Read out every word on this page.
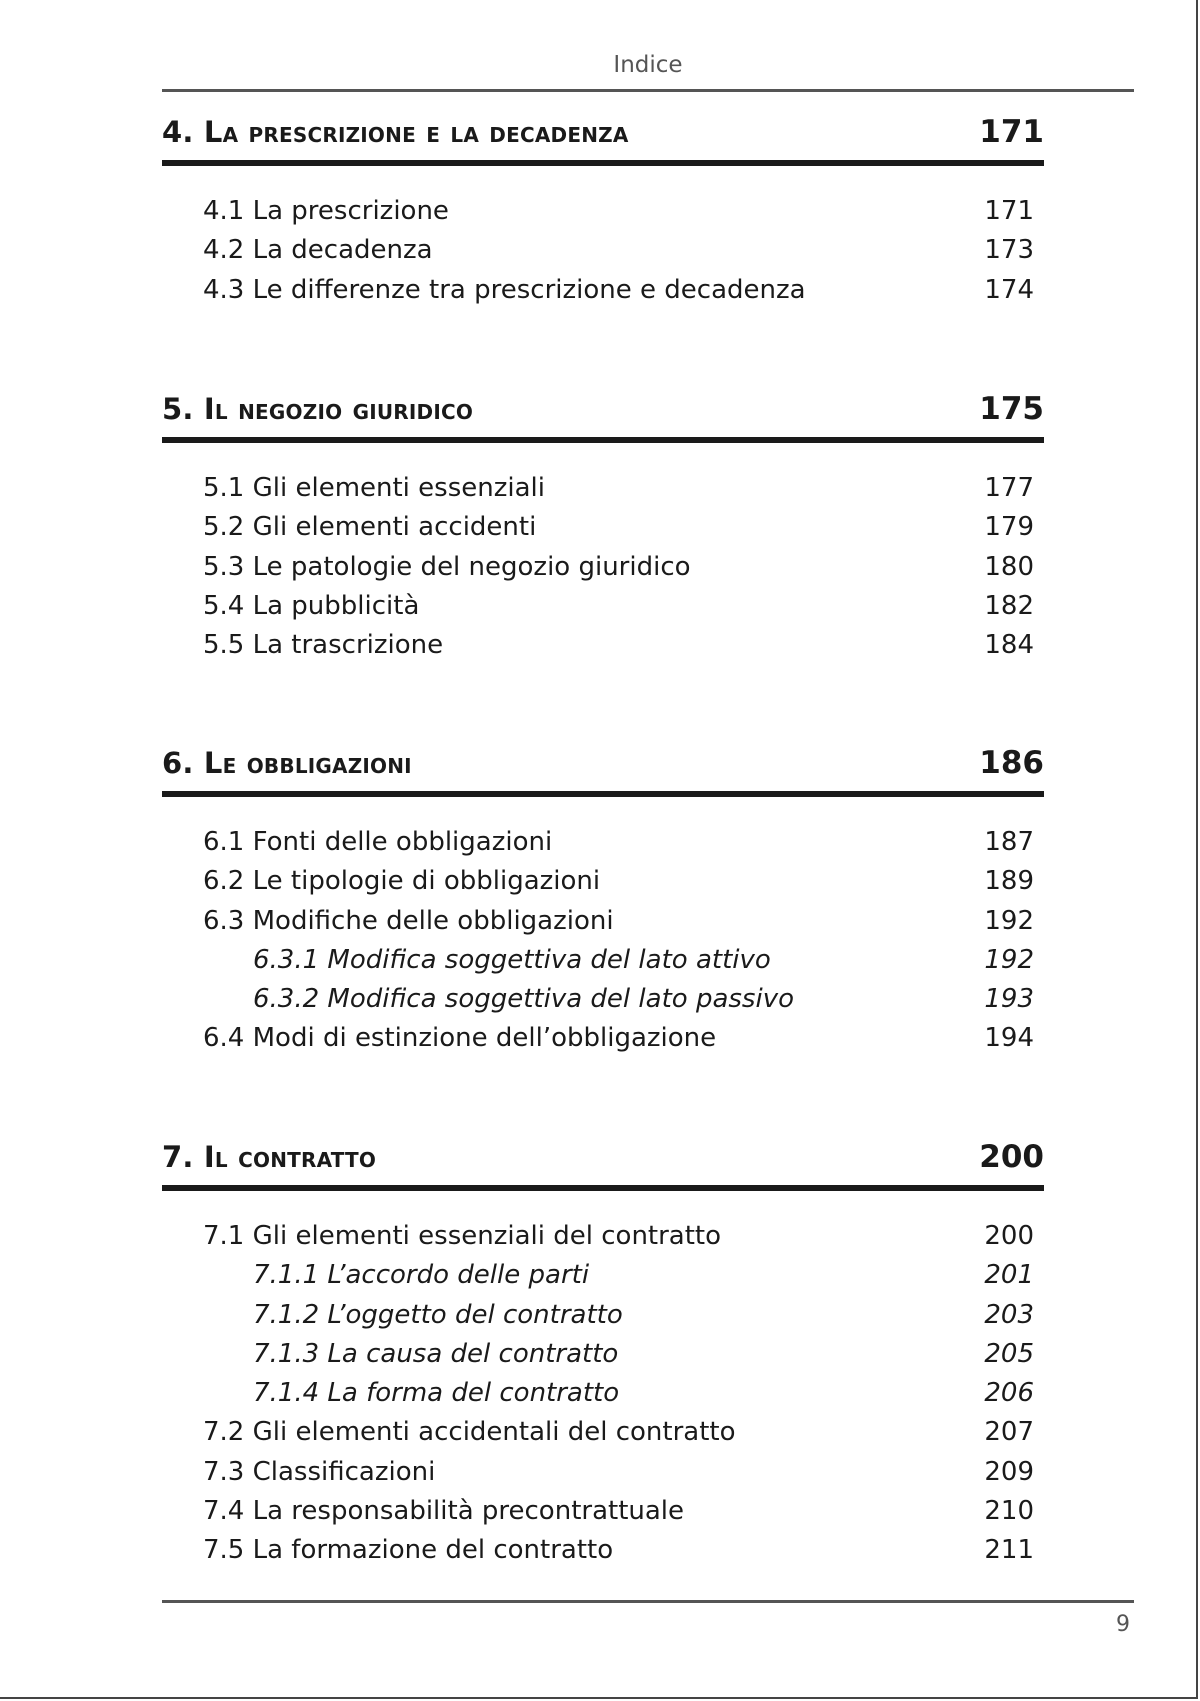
Indice
4. La prescrizione e la decadenza	171
4.1 La prescrizione	171
4.2 La decadenza	173
4.3 Le differenze tra prescrizione e decadenza	174
5. Il negozio giuridico	175
5.1 Gli elementi essenziali	177
5.2 Gli elementi accidenti	179
5.3 Le patologie del negozio giuridico	180
5.4 La pubblicità	182
5.5 La trascrizione	184
6. Le obbligazioni	186
6.1 Fonti delle obbligazioni	187
6.2 Le tipologie di obbligazioni	189
6.3 Modifiche delle obbligazioni	192
6.3.1 Modifica soggettiva del lato attivo	192
6.3.2 Modifica soggettiva del lato passivo	193
6.4 Modi di estinzione dell’obbligazione	194
7. Il contratto	200
7.1 Gli elementi essenziali del contratto	200
7.1.1 L’accordo delle parti	201
7.1.2 L’oggetto del contratto	203
7.1.3 La causa del contratto	205
7.1.4 La forma del contratto	206
7.2 Gli elementi accidentali del contratto	207
7.3 Classificazioni	209
7.4 La responsabilità precontrattuale	210
7.5 La formazione del contratto	211
9
